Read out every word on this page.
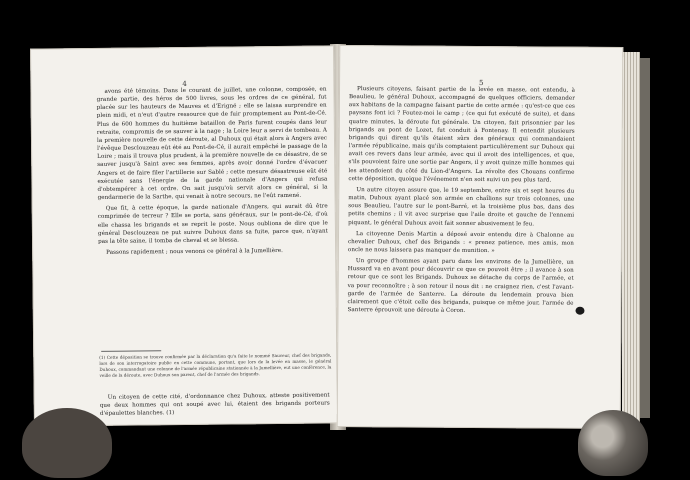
4

avons été témoins. Dans le courant de juillet, une colonne, composée, en grande partie, des héros de 500 livres, sous les ordres de ce général, fut placée sur les hauteurs de Mauves et d'Erigné ; elle se laissa surprendre en plein midi, et n'eut d'autre ressource que de fuir promptement au Pont-de-Cé. Plus de 600 hommes du huitième bataillon de Paris furent coupés dans leur retraite, compromis de se sauver à la nage ; la Loire leur a servi de tombeau. A la première nouvelle de cette déroute, al Duhoux qui était alors à Angers avec l'évêque Desclouzeau eût été au Pont-de-Cé, il aurait empêché le passage de la Loire ; mais il trouva plus prudent, à la première nouvelle de ce désastre, de se sauver jusqu'à Saint avec ses femmes, après avoir donné l'ordre d'évacuer Angers et de faire filer l'artillerie sur Sablé ; cette mesure désastreuse eût été exécutée sans l'énergie de la garde nationale d'Angers qui refusa d'obtempérer à cet ordre. On sait jusqu'où servit alors ce général, si la gendarmerie de la Sarthe, qui venait à notre secours, ne l'eût ramené.

Que fit, à cette époque, la garde nationale d'Angers, qui aurait dû être comprimée de terreur ? Elle se porta, sans généraux, sur le pont-de-Cé, d'où elle chassa les brigands et se reprit le poste. Nous oublions de dire que le général Desclouzeau ne put suivre Duhoux dans sa fuite, parce que, n'ayant pas la tête saine, il tomba de cheval et se blessa.

Passons rapidement ; nous venons ce général à la Jumellière.

(1) Cette déposition se trouve confirmée par la déclaration qu'a faite le nommé Sauveur, chef des brigands, lors de son interrogatoire public en cette commune, portant, que lors de la levée en masse, le général Duhoux, commandant une colonne de l'armée républicaine stationnée à la Jumellière, eut une conférence, la veille de la déroute, avec Duhoux son parent, chef de l'armée des brigands.

Un citoyen de cette cité, d'ordonnance chez Duhoux, atteste positivement que deux hommes qui ont soupé avec lui, étaient des brigands porteurs d'épaulettes blanches. (1)

5

Plusieurs citoyens, faisant partie de la levée en masse, ont entendu, à Beaulieu, le général Duhoux, accompagné de quelques officiers, demander aux habitans de la campagne faisant partie de cette armée : qu'est-ce que ces paysans font ici ? Foutez-moi le camp ; (ce qui fut exécuté de suite), et dans quatre minutes, la déroute fut générale. Un citoyen, fait prisonnier par les brigands au pont de Lozet, fut conduit à Fontenay. Il entendit plusieurs brigands qui dirent qu'ils étaient sûrs des généraux qui commandaient l'armée républicaine, mais qu'ils comptaient particulièrement sur Duhoux qui avait ces revers dans leur armée, avec qui il avoit des intelligences, et que, s'ils pouvoient faire une sortie par Angers, il y avoit quinze mille hommes qui les attendoient du côté du Lion-d'Angers. La révolte des Chouans confirme cette déposition, quoique l'événement n'en soit suivi un peu plus tard.

Un autre citoyen assure que, le 19 septembre, entre six et sept heures du matin, Duhoux ayant placé son armée en chaîlions sur trois colonnes, une sous Beaulieu, l'autre sur le pont-Barré, et la troisième plus bas, dans des petits chemins ; il vit avec surprise que l'aile droite et gauche de l'ennemi piquant, le général Duhoux avoit fait sonner abusivement le feu.

La citoyenne Denis Martin a déposé avoir entendu dire à Chalonne au chevalier Duhoux, chef des Brigands : « prenez patience, mes amis, mon oncle ne nous laissera pas manquer de munition. »

Un groupe d'hommes ayant paru dans les environs de la Jumellière, un Hussard va en avant pour découvrir ce que ce pouvoit être ; il avance à son retour que ce sont les Brigands. Duhoux se détache du corps de l'armée, et va pour reconnoître ; à son retour il nous dit : ne craignez rien, c'est l'avant-garde de l'armée de Santerre. La déroute du lendemain prouva bien clairement que c'étoit celle des brigands, puisque ce même jour, l'armée de Santerre éprouvoit une déroute à Coron.
